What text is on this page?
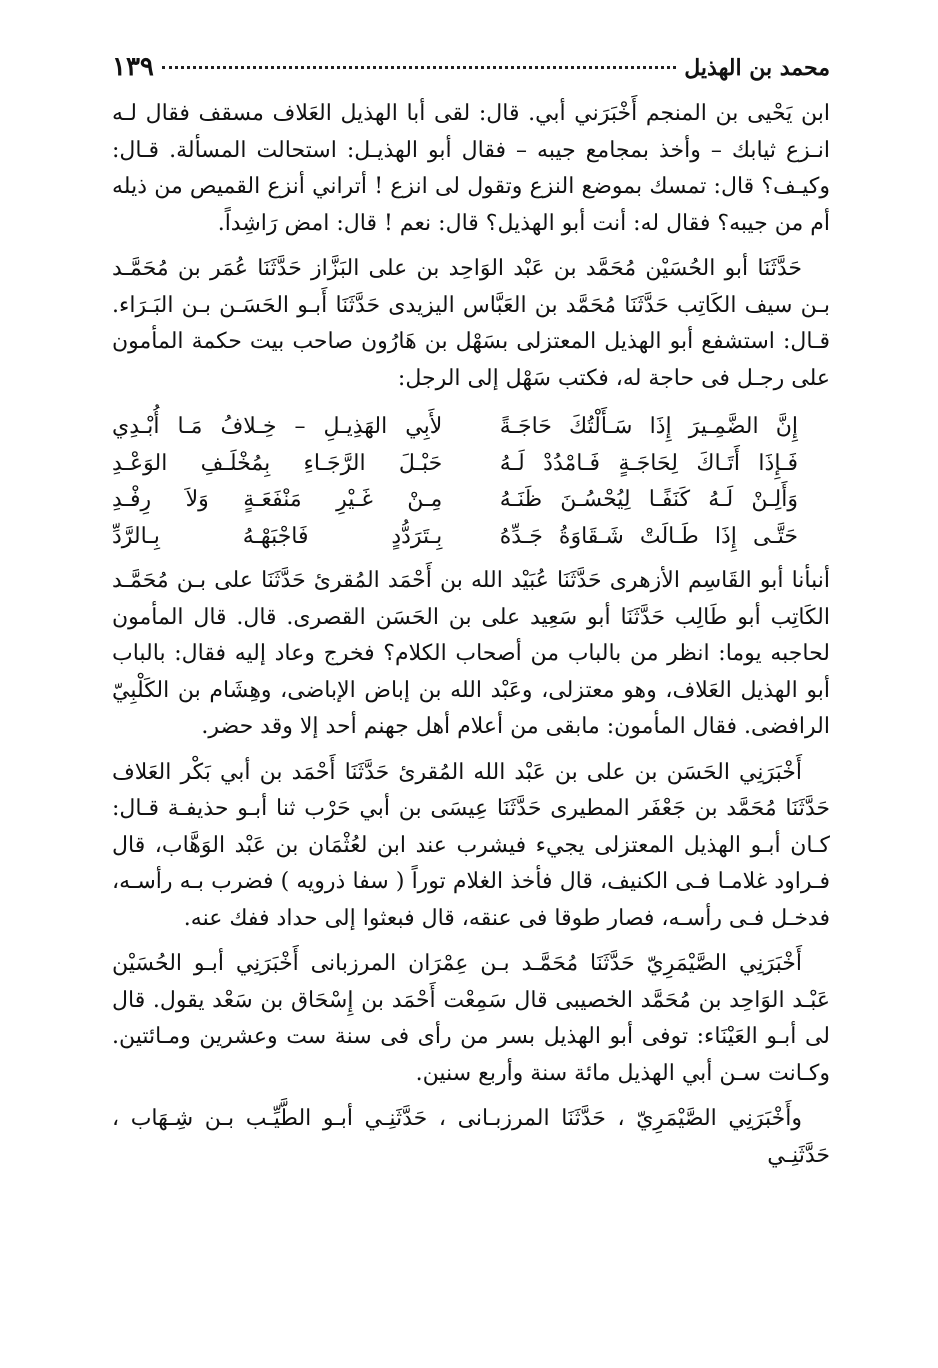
محمد بن الهذيل
١٣٩

ابن يَحْيى بن المنجم أَخْبَرَني أبي. قال: لقى أبا الهذيل العَلاف مسقف فقال لـه انـزع ثيابك – وأخذ بمجامع جيبه – فقال أبو الهذيـل: استحالت المسألة. قـال: وكيـف؟ قال: تمسك بموضع النزع وتقول لى انزع ! أتراني أنزع القميص من ذيله أم من جيبه؟ فقال له: أنت أبو الهذيل؟ قال: نعم ! قال: امض رَاشِداً.

حَدَّثَنَا أبو الحُسَيْن مُحَمَّد بن عَبْد الوَاحِد بن على البَزَّاز حَدَّثَنَا عُمَر بن مُحَمَّـد بـن سيف الكَاتِب حَدَّثَنَا مُحَمَّد بن العَبَّاس اليزيدى حَدَّثَنَا أَبـو الحَسَـن بـن البَـرَاء. قـال: استشفع أبو الهذيل المعتزلى بسَهْل بن هَارُون صاحب بيت حكمة المأمون على رجـل فى حاجة له، فكتب سَهْل إلى الرجل:

إِنَّ الضَّمِـيرَ إِذَا سَـأَلْتُكَ حَاجَـةً
لأَبِي الهَذِيـلِ – خِـلافُ مَـا أُبْـدِي
فَـإِذَا أَتَـاكَ لِحَاجَـةٍ فَـامْدُدْ لَـهُ
حَبْـلَ الرَّجَـاءِ بِمُخْلَـفِ الوَعْـدِ
وَأَلِـنْ لَـهُ كَنَفًـا لِيُحْسُـنَ ظَنَـهُ
مِـنْ غَـيْرِ مَنْفَعَـةٍ وَلاَ رِفْـدِ
حَتَّـى إِذَا طَـالَتْ شَـقَاوَةُ جَـدِّهُ
بِـتَرَدُّدٍ فَاجْبَهْـهُ بِـالرَّدِّ

أنبأنا أبو القَاسِم الأزهرى حَدَّثَنَا عُبَيْد الله بن أَحْمَد المُقرئ حَدَّثَنَا على بـن مُحَمَّـد الكَاتِب أبو طَالِب حَدَّثَنَا أبو سَعِيد على بن الحَسَن القصرى. قال. قال المأمون لحاجبه يوما: انظر من بالباب من أصحاب الكلام؟ فخرج وعاد إليه فقال: بالباب أبو الهذيل العَلاف، وهو معتزلى، وعَبْد الله بن إباض الإباضى، وهِشَام بن الكَلْبِيّ الرافضى. فقال المأمون: مابقى من أعلام أهل جهنم أحد إلا وقد حضر.

أَخْبَرَنِي الحَسَن بن على بن عَبْد الله المُقرئ حَدَّثَنَا أَحْمَد بن أبي بَكْر العَلاف حَدَّثَنَا مُحَمَّد بن جَعْفَر المطيرى حَدَّثَنَا عِيسَى بن أبي حَرْب ثنا أبـو حذيفـة قـال: كـان أبـو الهذيل المعتزلى يجيء فيشرب عند ابن لعُثْمَان بن عَبْد الوَهَّاب، قال فـراود غلامـا فـى الكنيف، قال فأخذ الغلام توراً ( سفا ذرويه ) فضرب بـه رأسـه، فدخـل فـى رأسـه، فصار طوقا فى عنقه، قال فبعثوا إلى حداد ففك عنه.

أَخْبَرَنِي الصَّيْمَرِيّ حَدَّثَنَا مُحَمَّـد بـن عِمْرَان المرزبانى أَخْبَرَنِي أبـو الحُسَيْن عَبْـد الوَاحِد بن مُحَمَّد الخصيبى قال سَمِعْت أَحْمَد بن إِسْحَاق بن سَعْد يقول. قال لى أبـو العَيْنَاء: توفى أبو الهذيل بسر من رأى فى سنة ست وعشرين ومـائتين. وكـانت سـن أبي الهذيل مائة سنة وأربع سنين.

وأَخْبَرَنِي الصَّيْمَرِيّ ، حَدَّثَنَا المرزبـانى ، حَدَّثَنِـي أبـو الطَّيِّـب بـن شِـهَاب ، حَدَّثَنِـي
